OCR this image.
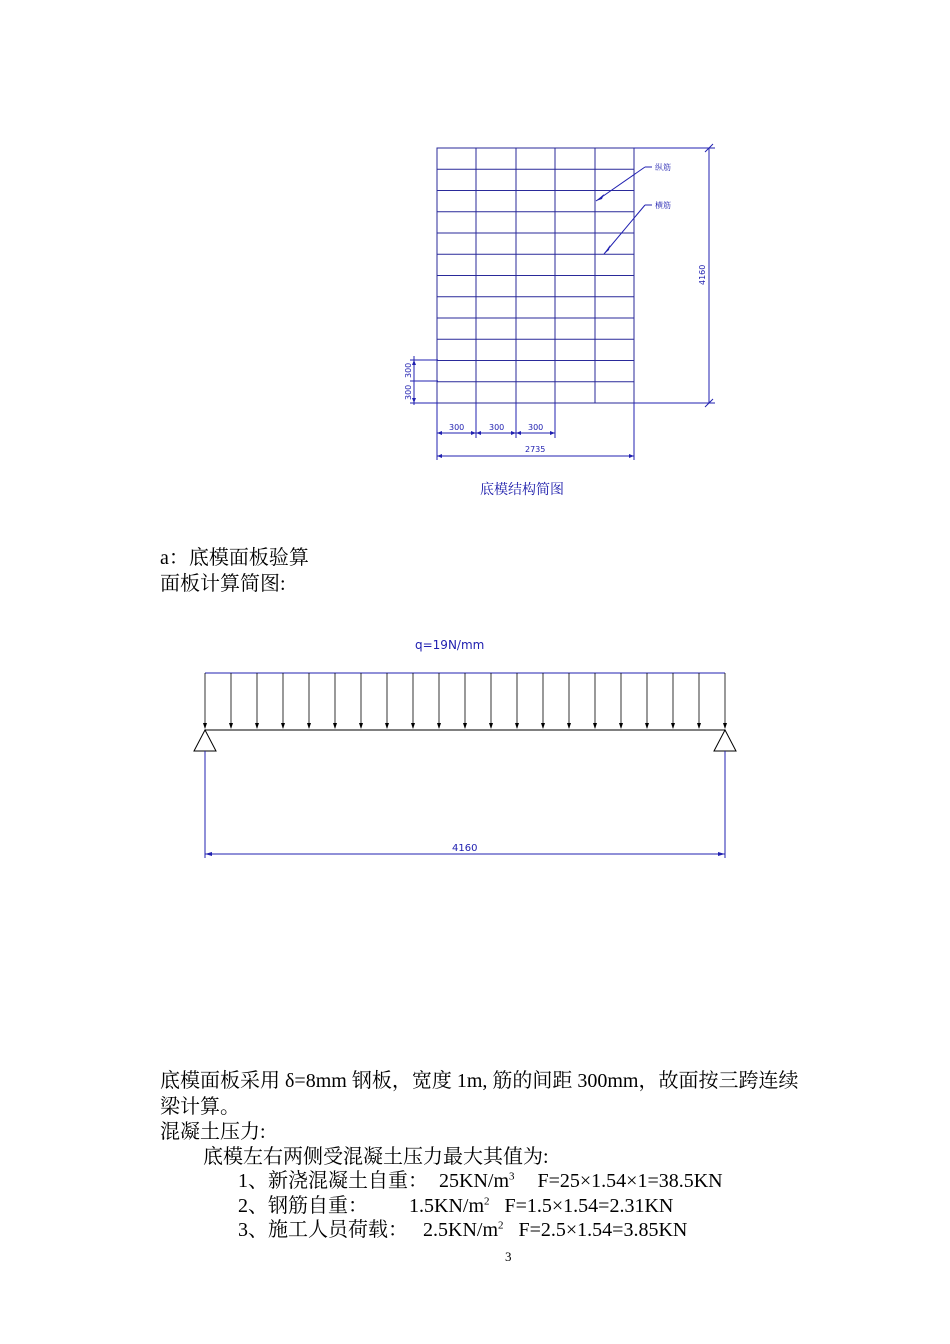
纵筋
横筋
4160
300
300
300	300	300
2735
底模结构简图
a：底模面板验算
面板计算简图:
q=19N/mm
4160
底模面板采用 δ=8mm 钢板，宽度 1m, 筋的间距 300mm，故面按三跨连续
梁计算。
混凝土压力:
底模左右两侧受混凝土压力最大其值为:
1、新浇混凝土自重： $25KN/m^3$ F=25×1.54×1=38.5KN
2、钢筋自重： $1.5KN/m^2$ F=1.5×1.54=2.31KN
3、施工人员荷载： $2.5KN/m^2$ F=2.5×1.54=3.85KN
3
